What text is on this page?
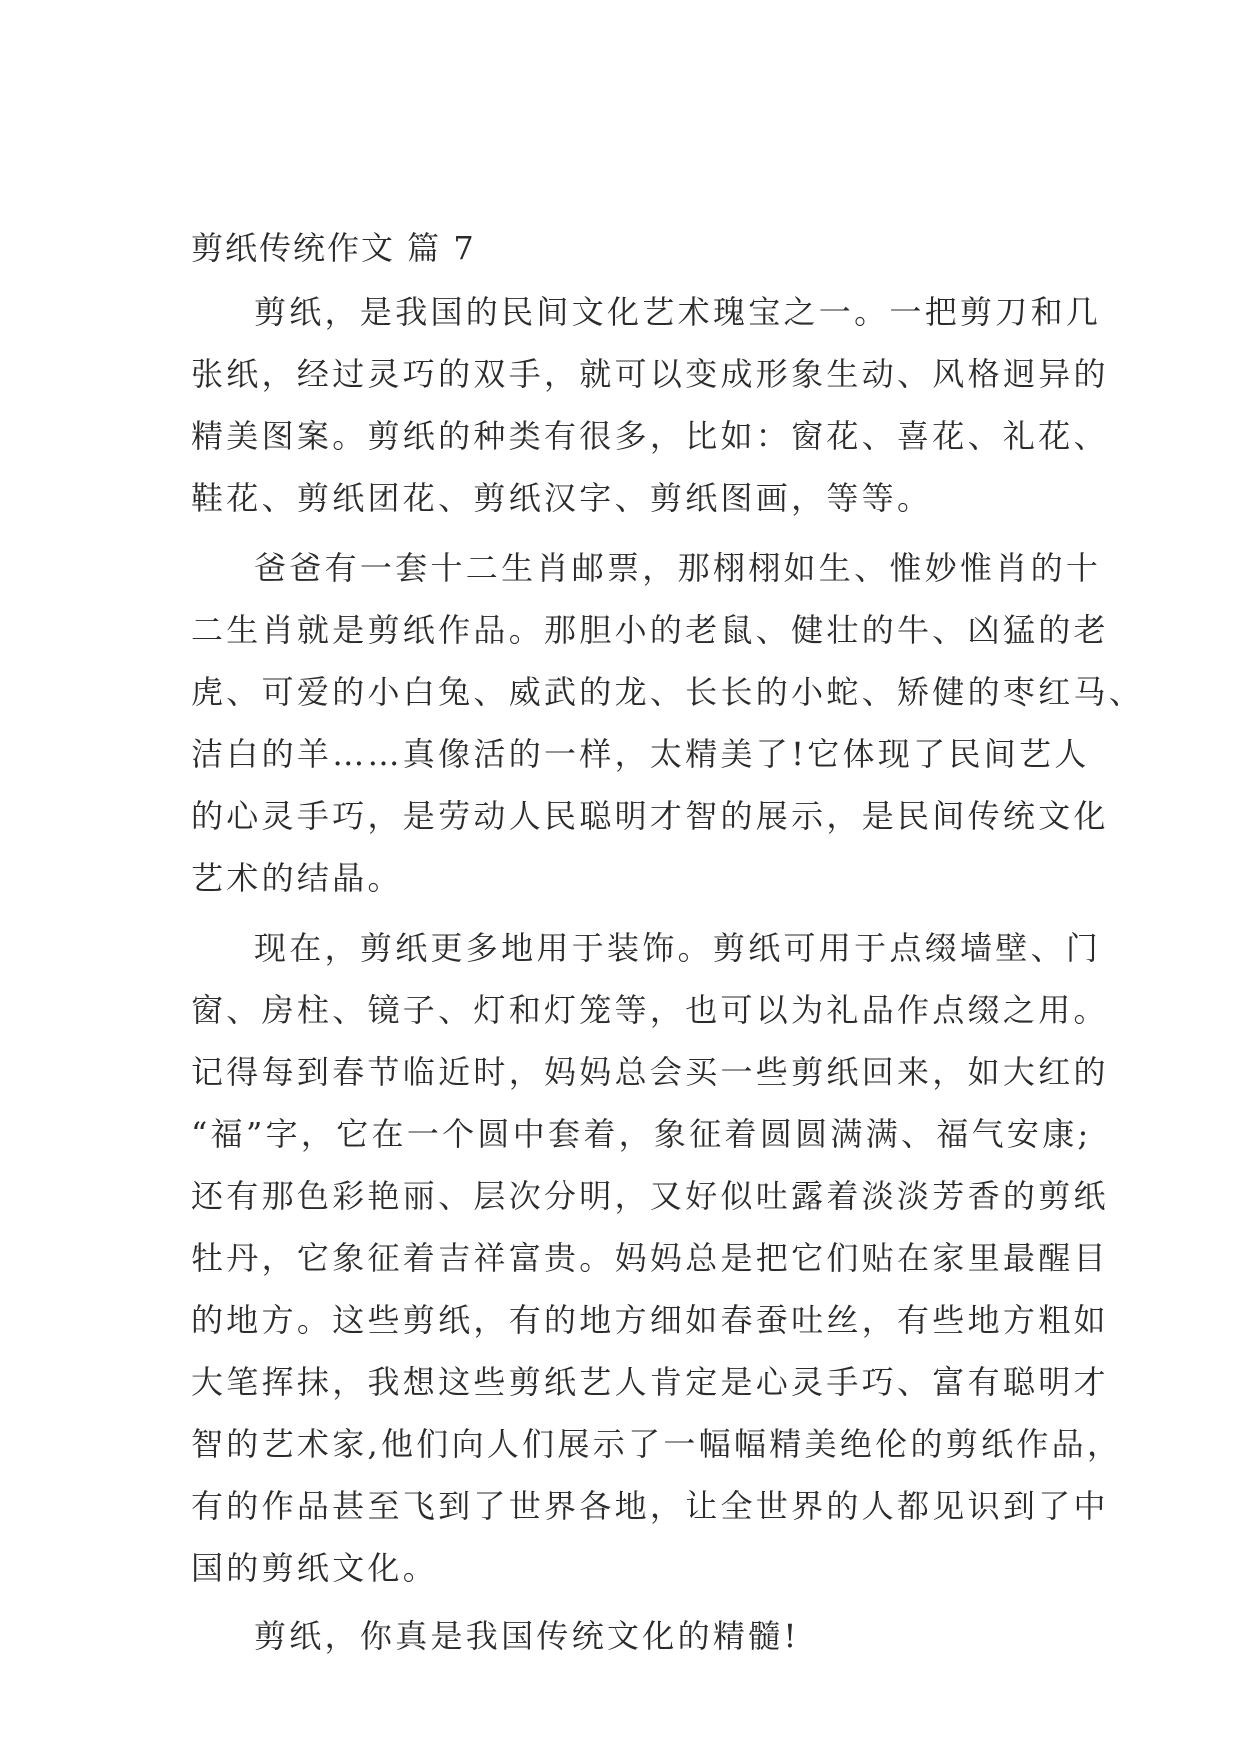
剪纸传统作文 篇 7
剪纸，是我国的民间文化艺术瑰宝之一。一把剪刀和几
张纸，经过灵巧的双手，就可以变成形象生动、风格迥异的
精美图案。剪纸的种类有很多，比如：窗花、喜花、礼花、
鞋花、剪纸团花、剪纸汉字、剪纸图画，等等。
爸爸有一套十二生肖邮票，那栩栩如生、惟妙惟肖的十
二生肖就是剪纸作品。那胆小的老鼠、健壮的牛、凶猛的老
虎、可爱的小白兔、威武的龙、长长的小蛇、矫健的枣红马、
洁白的羊……真像活的一样，太精美了!它体现了民间艺人
的心灵手巧，是劳动人民聪明才智的展示，是民间传统文化
艺术的结晶。
现在，剪纸更多地用于装饰。剪纸可用于点缀墙壁、门
窗、房柱、镜子、灯和灯笼等，也可以为礼品作点缀之用。
记得每到春节临近时，妈妈总会买一些剪纸回来，如大红的
“福”字，它在一个圆中套着，象征着圆圆满满、福气安康;
还有那色彩艳丽、层次分明，又好似吐露着淡淡芳香的剪纸
牡丹，它象征着吉祥富贵。妈妈总是把它们贴在家里最醒目
的地方。这些剪纸，有的地方细如春蚕吐丝，有些地方粗如
大笔挥抹，我想这些剪纸艺人肯定是心灵手巧、富有聪明才
智的艺术家,他们向人们展示了一幅幅精美绝伦的剪纸作品，
有的作品甚至飞到了世界各地，让全世界的人都见识到了中
国的剪纸文化。
剪纸，你真是我国传统文化的精髓!
